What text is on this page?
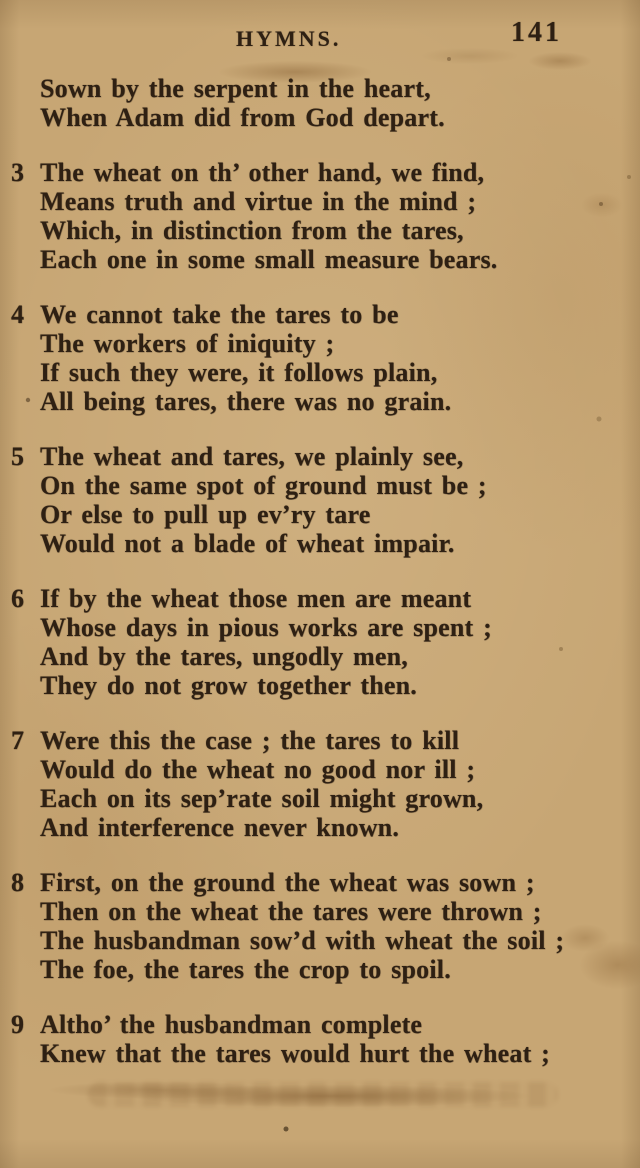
HYMNS.	141
Sown by the serpent in the heart,
When Adam did from God depart.
3 The wheat on th’ other hand, we find,
Means truth and virtue in the mind ;
Which, in distinction from the tares,
Each one in some small measure bears.
4 We cannot take the tares to be
The workers of iniquity ;
If such they were, it follows plain,
All being tares, there was no grain.
5 The wheat and tares, we plainly see,
On the same spot of ground must be ;
Or else to pull up ev’ry tare
Would not a blade of wheat impair.
6 If by the wheat those men are meant
Whose days in pious works are spent ;
And by the tares, ungodly men,
They do not grow together then.
7 Were this the case ; the tares to kill
Would do the wheat no good nor ill ;
Each on its sep’rate soil might grown,
And interference never known.
8 First, on the ground the wheat was sown ;
Then on the wheat the tares were thrown ;
The husbandman sow’d with wheat the soil ;
The foe, the tares the crop to spoil.
9 Altho’ the husbandman complete
Knew that the tares would hurt the wheat ;
